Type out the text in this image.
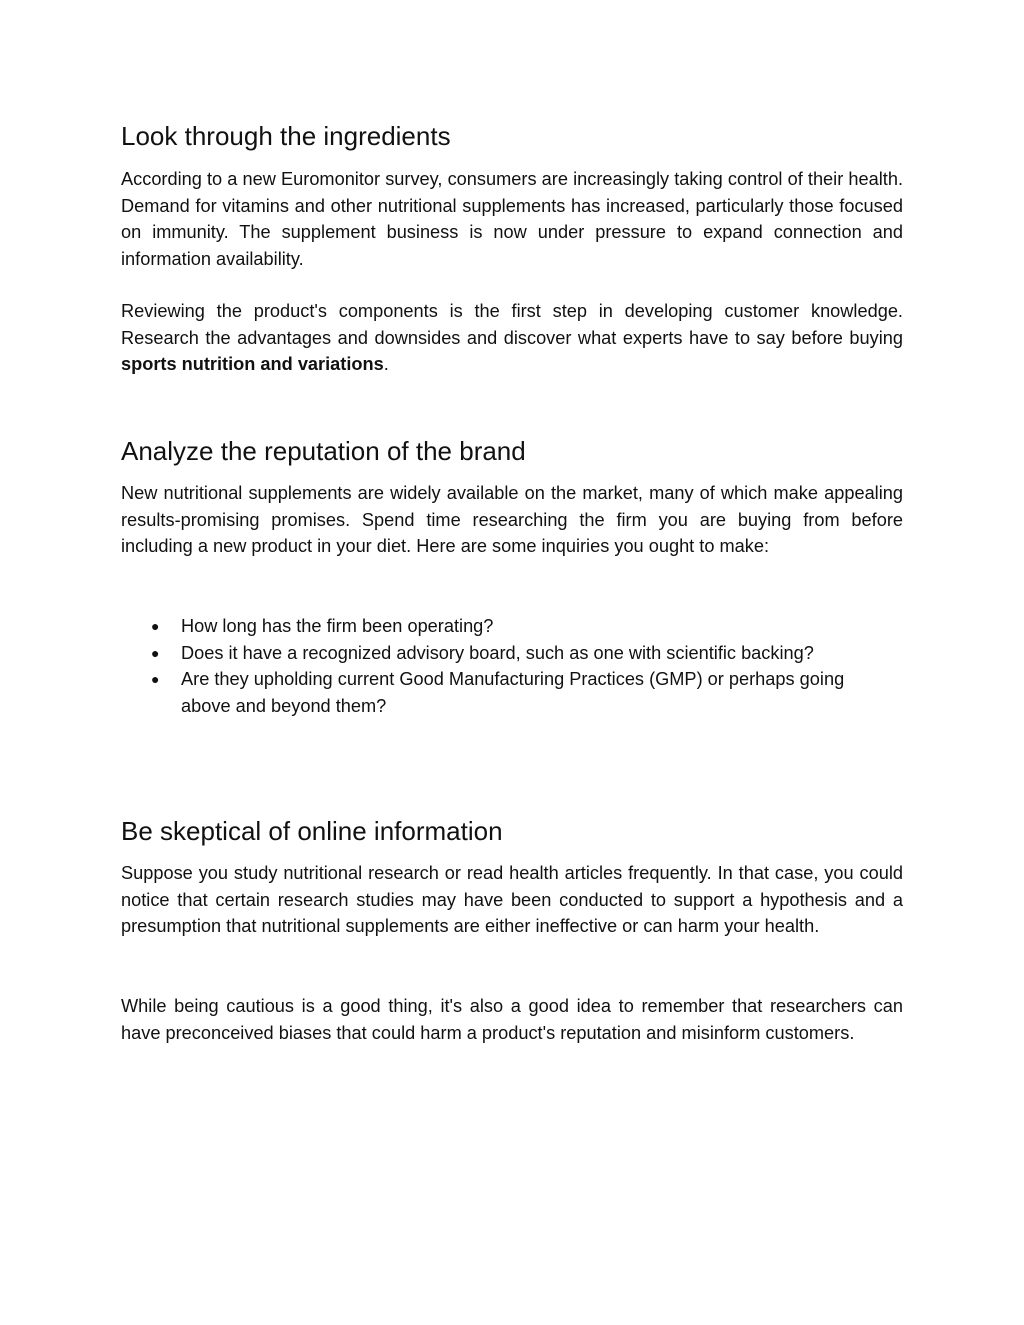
Look through the ingredients

According to a new Euromonitor survey, consumers are increasingly taking control of their health. Demand for vitamins and other nutritional supplements has increased, particularly those focused on immunity. The supplement business is now under pressure to expand connection and information availability.

Reviewing the product's components is the first step in developing customer knowledge. Research the advantages and downsides and discover what experts have to say before buying sports nutrition and variations.

Analyze the reputation of the brand

New nutritional supplements are widely available on the market, many of which make appealing results-promising promises. Spend time researching the firm you are buying from before including a new product in your diet. Here are some inquiries you ought to make:

● How long has the firm been operating?
● Does it have a recognized advisory board, such as one with scientific backing?
● Are they upholding current Good Manufacturing Practices (GMP) or perhaps going above and beyond them?
Be skeptical of online information

Suppose you study nutritional research or read health articles frequently. In that case, you could notice that certain research studies may have been conducted to support a hypothesis and a presumption that nutritional supplements are either ineffective or can harm your health.

While being cautious is a good thing, it's also a good idea to remember that researchers can have preconceived biases that could harm a product's reputation and misinform customers.
